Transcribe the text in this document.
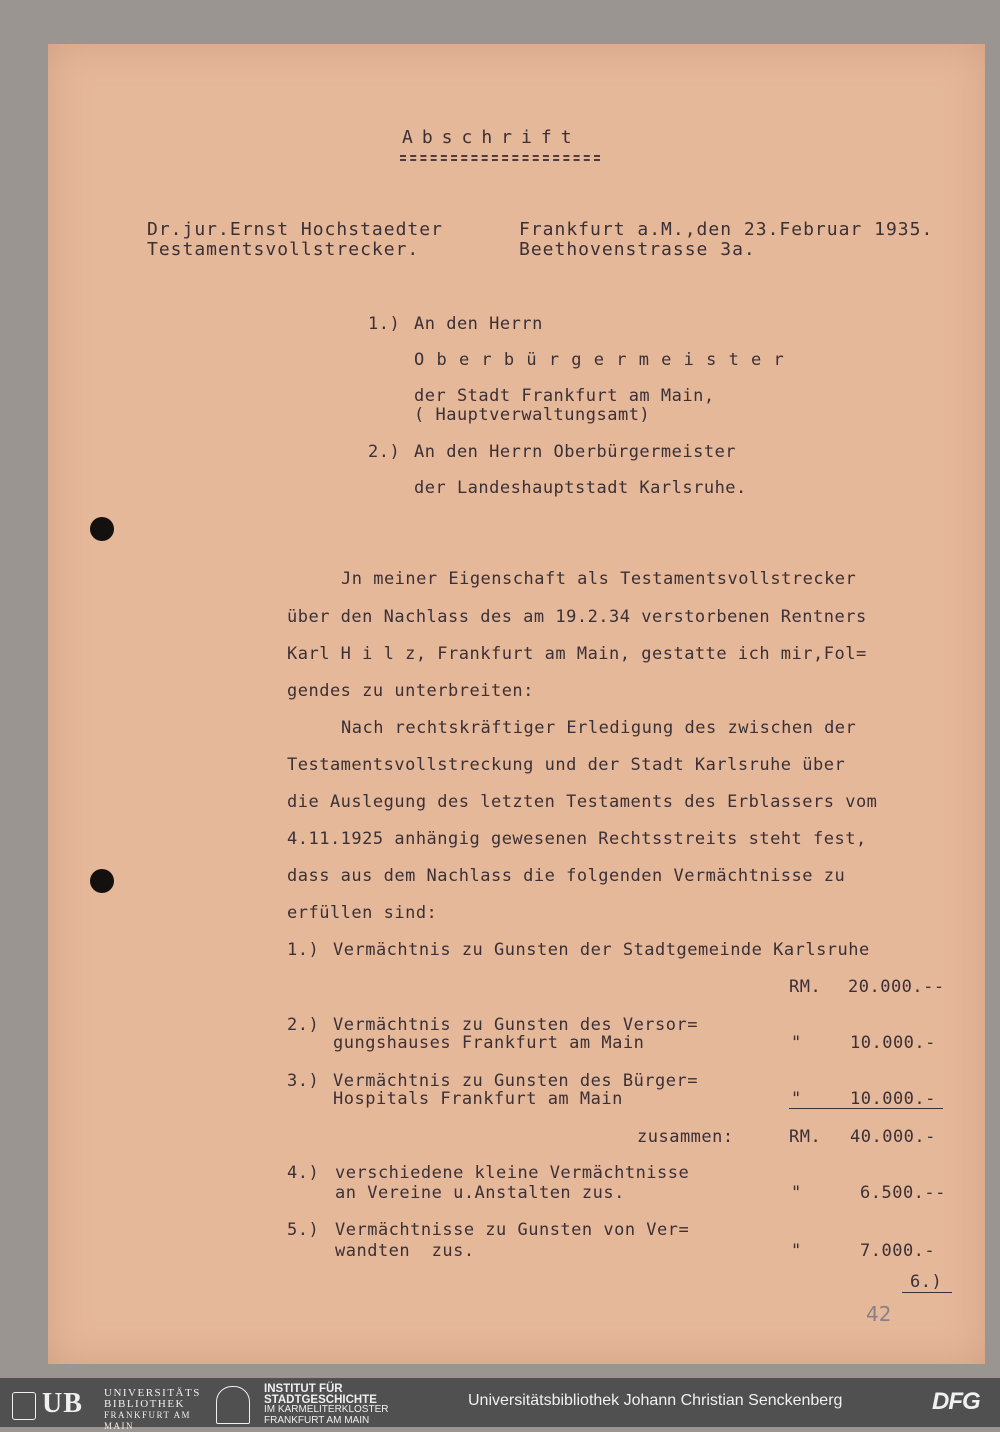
Abschrift
Dr.jur.Ernst Hochstaedter
Testamentsvollstrecker.
Frankfurt a.M.,den 23.Februar 1935.
Beethovenstrasse 3a.
1.) An den Herrn
O b e r b ü r g e r m e i s t e r
der Stadt Frankfurt am Main,
( Hauptverwaltungsamt)
2.) An den Herrn Oberbürgermeister
der Landeshauptstadt Karlsruhe.
Jn meiner Eigenschaft als Testamentsvollstrecker
über den Nachlass des am 19.2.34 verstorbenen Rentners
Karl H i l z, Frankfurt am Main, gestatte ich mir,Fol=
gendes zu unterbreiten:
Nach rechtskräftiger Erledigung des zwischen der
Testamentsvollstreckung und der Stadt Karlsruhe über
die Auslegung des letzten Testaments des Erblassers vom
4.11.1925 anhängig gewesenen Rechtsstreits steht fest,
dass aus dem Nachlass die folgenden Vermächtnisse zu
erfüllen sind:
1.) Vermächtnis zu Gunsten der Stadtgemeinde Karlsruhe
RM. 20.000.--
2.) Vermächtnis zu Gunsten des Versor=
gungshauses Frankfurt am Main	"	10.000.-
3.) Vermächtnis zu Gunsten des Bürger=
Hospitals Frankfurt am Main	"	10.000.-
zusammen:	RM. 40.000.-
4.) verschiedene kleine Vermächtnisse
an Vereine u.Anstalten zus.	"	6.500.--
5.) Vermächtnisse zu Gunsten von Ver=
wandten  zus.	"	7.000.-
6.)
42
UB UNIVERSITÄTS
BIBLIOTHEK
FRANKFURT AM MAIN
INSTITUT FÜR
STADTGESCHICHTE
IM KARMELITERKLOSTER
FRANKFURT AM MAIN
Universitätsbibliothek Johann Christian Senckenberg	DFG
